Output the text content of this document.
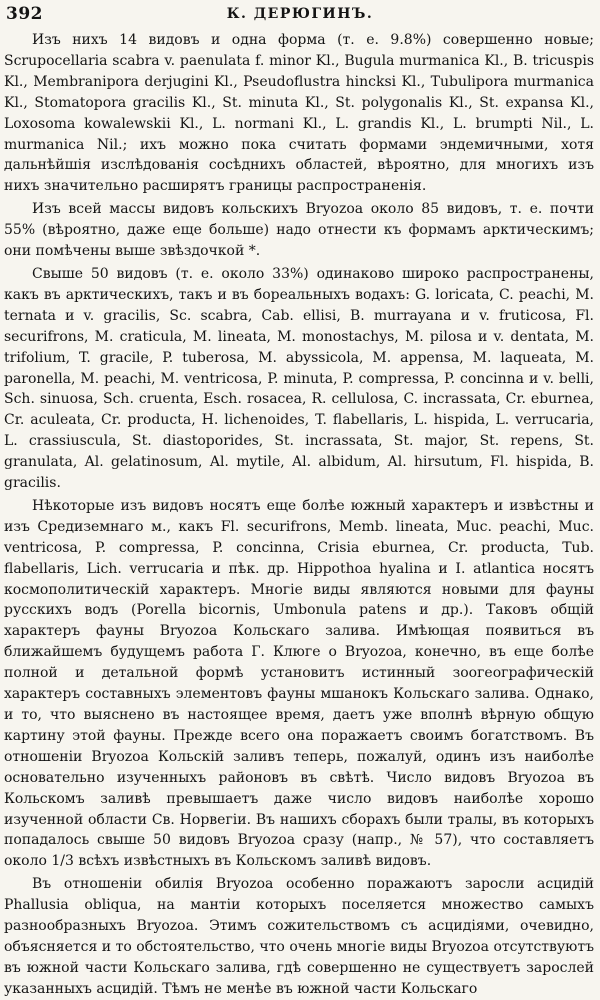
392	К. ДЕРЮГИНЪ.

Изъ нихъ 14 видовъ и одна форма (т. е. 9.8%) совершенно новые; Scrupocellaria scabra v. paenulata f. minor Kl., Bugula murmanica Kl., B. tricuspis Kl., Membranipora derjugini Kl., Pseudoflustra hincksi Kl., Tubulipora murmanica Kl., Stomatopora gracilis Kl., St. minuta Kl., St. polygonalis Kl., St. expansa Kl., Loxosoma kowalewskii Kl., L. normani Kl., L. grandis Kl., L. brumpti Nil., L. murmanica Nil.; ихъ можно пока считать формами эндемичными, хотя дальнѣйшія изслѣдованія сосѣднихъ областей, вѣроятно, для многихъ изъ нихъ значительно расширятъ границы распространенія.

Изъ всей массы видовъ кольскихъ Bryozoa около 85 видовъ, т. е. почти 55% (вѣроятно, даже еще больше) надо отнести къ формамъ арктическимъ; они помѣчены выше звѣздочкой *.

Свыше 50 видовъ (т. е. около 33%) одинаково широко распространены, какъ въ арктическихъ, такъ и въ бореальныхъ водахъ: G. loricata, C. peachi, M. ternata и v. gracilis, Sc. scabra, Cab. ellisi, B. murrayana и v. fruticosa, Fl. securifrons, M. craticula, M. lineata, M. monostachys, M. pilosa и v. dentata, M. trifolium, T. gracile, P. tuberosa, M. abyssicola, M. appensa, M. laqueata, M. paronella, M. peachi, M. ventricosa, P. minuta, P. compressa, P. concinna и v. belli, Sch. sinuosa, Sch. cruenta, Esch. rosacea, R. cellulosa, C. incrassata, Cr. eburnea, Cr. aculeata, Cr. producta, H. lichenoides, T. flabellaris, L. hispida, L. verrucaria, L. crassiuscula, St. diastoporides, St. incrassata, St. major, St. repens, St. granulata, Al. gelatinosum, Al. mytile, Al. albidum, Al. hirsutum, Fl. hispida, B. gracilis.

Нѣкоторые изъ видовъ носятъ еще болѣе южный характеръ и извѣстны и изъ Средиземнаго м., какъ Fl. securifrons, Memb. lineata, Muc. peachi, Muc. ventricosa, P. compressa, P. concinna, Crisia eburnea, Cr. producta, Tub. flabellaris, Lich. verrucaria и пѣк. др. Hippothoa hyalina и I. atlantica носятъ космополитическій характеръ. Многіе виды являются новыми для фауны русскихъ водъ (Porella bicornis, Umbonula patens и др.). Таковъ общій характеръ фауны Bryozoa Кольскаго залива. Имѣющая появиться въ ближайшемъ будущемъ работа Г. Клюге о Bryozoa, конечно, въ еще болѣе полной и детальной формѣ установитъ истинный зоогеографическій характеръ составныхъ элементовъ фауны мшанокъ Кольскаго залива. Однако, и то, что выяснено въ настоящее время, даетъ уже вполнѣ вѣрную общую картину этой фауны. Прежде всего она поражаетъ своимъ богатствомъ. Въ отношеніи Bryozoa Кольскій заливъ теперь, пожалуй, одинъ изъ наиболѣе основательно изученныхъ районовъ въ свѣтѣ. Число видовъ Bryozoa въ Кольскомъ заливѣ превышаетъ даже число видовъ наиболѣе хорошо изученной области Св. Норвегіи. Въ нашихъ сборахъ были тралы, въ которыхъ попадалось свыше 50 видовъ Bryozoa сразу (напр., № 57), что составляетъ около 1/3 всѣхъ извѣстныхъ въ Кольскомъ заливѣ видовъ.

Въ отношеніи обилія Bryozoa особенно поражаютъ заросли асцидій Phallusia obliqua, на мантіи которыхъ поселяется множество самыхъ разнообразныхъ Bryozoa. Этимъ сожительствомъ съ асцидіями, очевидно, объясняется и то обстоятельство, что очень многіе виды Bryozoa отсутствуютъ въ южной части Кольскаго залива, гдѣ совершенно не существуетъ зарослей указанныхъ асцидій. Тѣмъ не менѣе въ южной части Кольскаго
